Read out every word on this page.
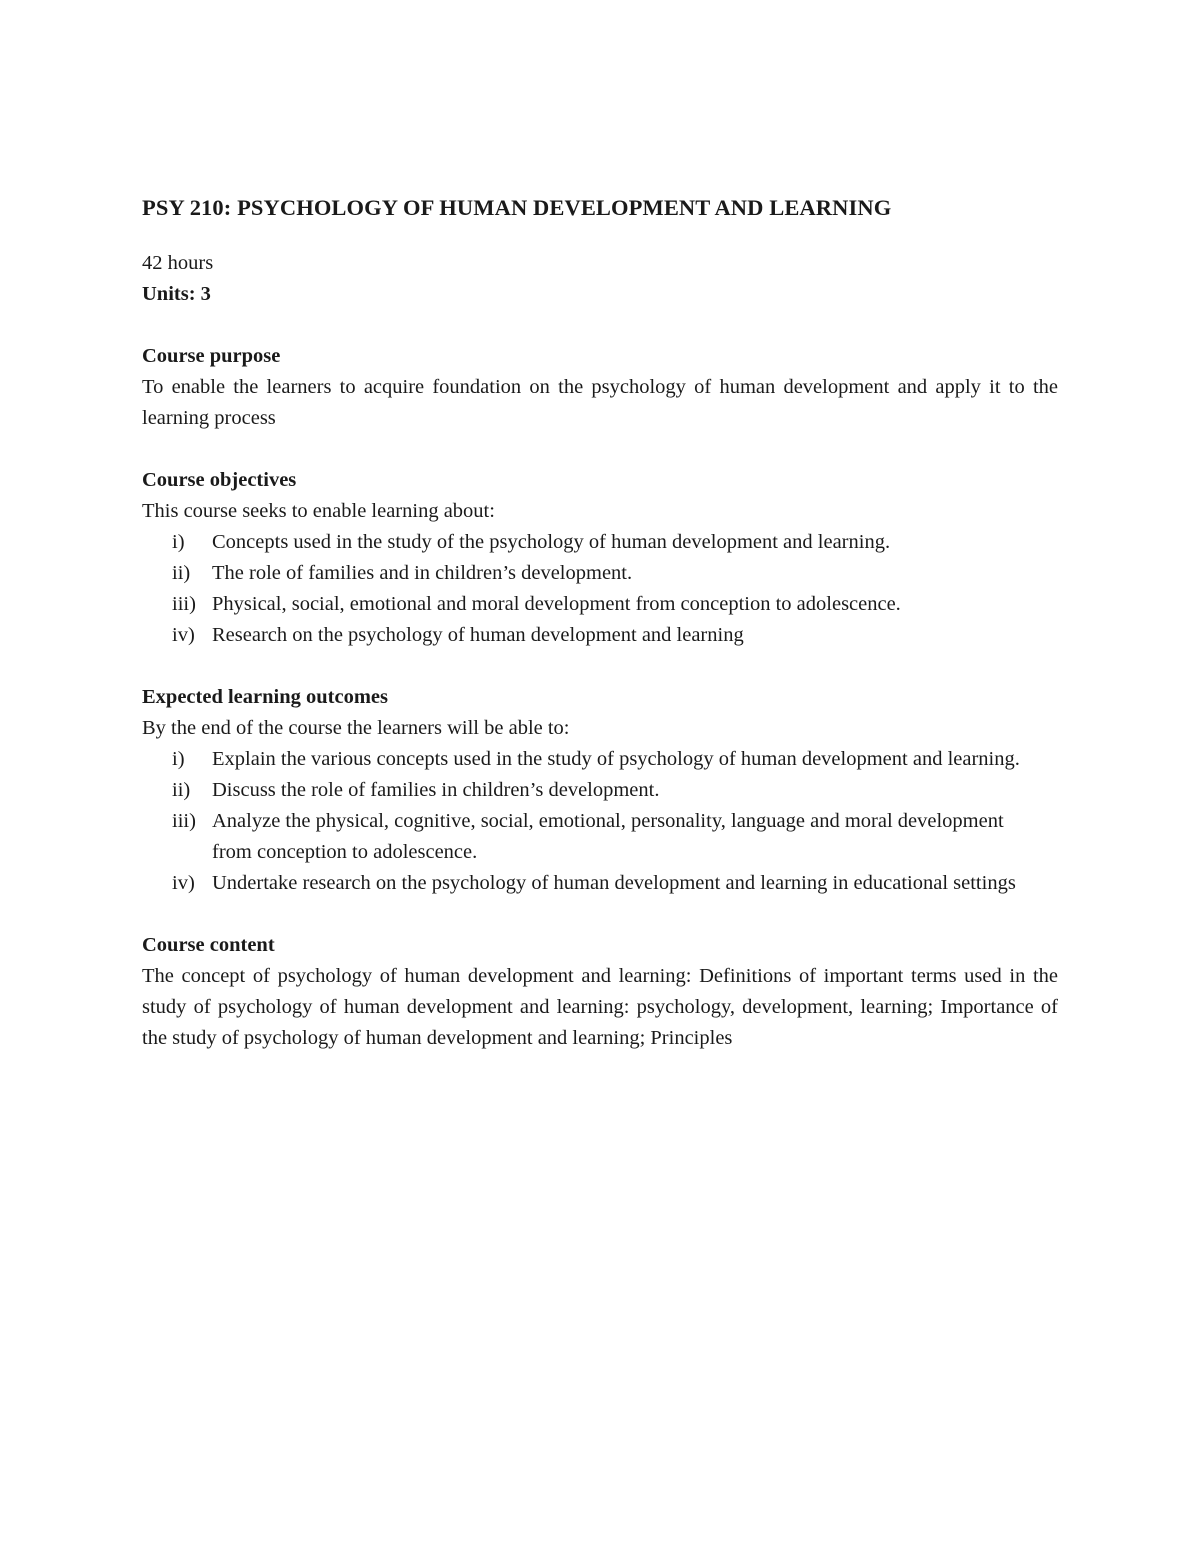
PSY 210: PSYCHOLOGY OF HUMAN DEVELOPMENT AND LEARNING

42 hours

Units: 3

Course purpose

To enable the learners to acquire foundation on the psychology of human development and apply it to the learning process

Course objectives

This course seeks to enable learning about:

i)	Concepts used in the study of the psychology of human development and learning.
ii)	The role of families and in children’s development.
iii) Physical, social, emotional and moral development from conception to adolescence.
iv) Research on the psychology of human development and learning

Expected learning outcomes

By the end of the course the learners will be able to:

i)	Explain the various concepts used in the study of psychology of human development and learning.
ii)	Discuss the role of families in children’s development.
iii) Analyze the physical, cognitive, social, emotional, personality, language and moral development from conception to adolescence.
iv) Undertake research on the psychology of human development and learning in educational settings

Course content

The concept of psychology of human development and learning: Definitions of important terms used in the study of psychology of human development and learning: psychology, development, learning; Importance of the study of psychology of human development and learning; Principles
